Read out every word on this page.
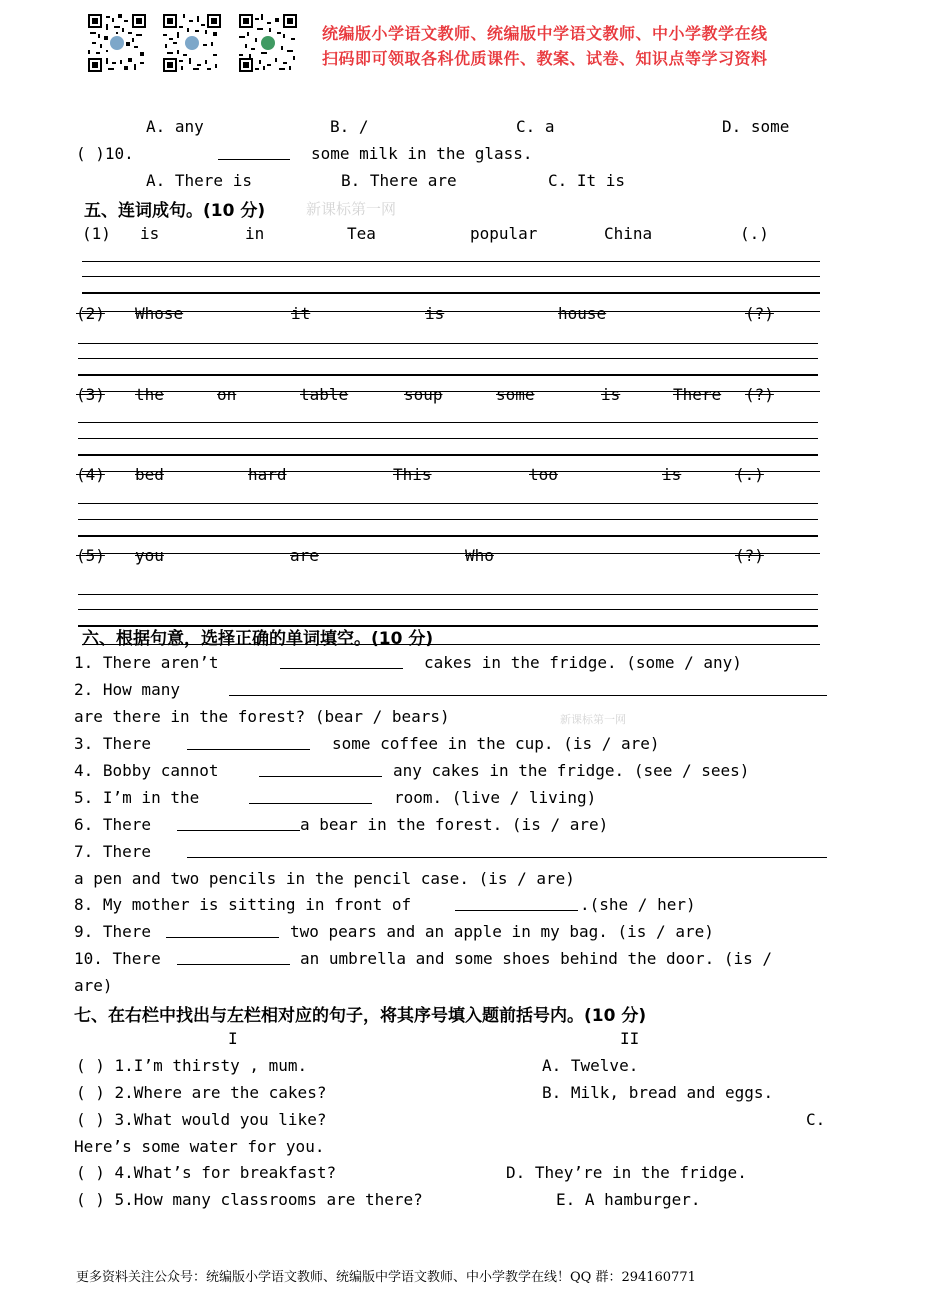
统编版小学语文教师、统编版中学语文教师、中小学教学在线
扫码即可领取各科优质课件、教案、试卷、知识点等学习资料
A. any	B. /	C. a	D. some
( )10.	some milk in the glass.
A. There is	B. There are	C. It is
五、连词成句。(10 分)	新课标第一网
(1) is	in	Tea	popular	China	(.)
(2) Whose	it	is	house	(?)
(3) the	on	table	soup	some	is	There (?)
(4) bed	hard	This	too	is	(.)
(5) you	are	Who	(?)
六、根据句意，选择正确的单词填空。(10 分)
1. There aren’t	cakes in the fridge. (some / any)
2. How many
are there in the forest? (bear / bears)	新课标第一网
3. There	some coffee in the cup. (is / are)
4. Bobby cannot	any cakes in the fridge. (see / sees)
5. I’m in the	room. (live / living)
6. There	a bear in the forest. (is / are)
7. There
a pen and two pencils in the pencil case. (is / are)
8. My mother is sitting in front of	.(she / her)
9. There	two pears and an apple in my bag. (is / are)
10. There	an umbrella and some shoes behind the door. (is /
are)
七、在右栏中找出与左栏相对应的句子，将其序号填入题前括号内。(10 分)
I	II
( ) 1.I’m thirsty , mum.	A. Twelve.
( ) 2.Where are the cakes?	B. Milk, bread and eggs.
( ) 3.What would you like?	C.
Here’s some water for you.
( ) 4.What’s for breakfast?	D. They’re in the fridge.
( ) 5.How many classrooms are there?	E. A hamburger.
更多资料关注公众号：统编版小学语文教师、统编版中学语文教师、中小学教学在线！QQ 群：294160771
